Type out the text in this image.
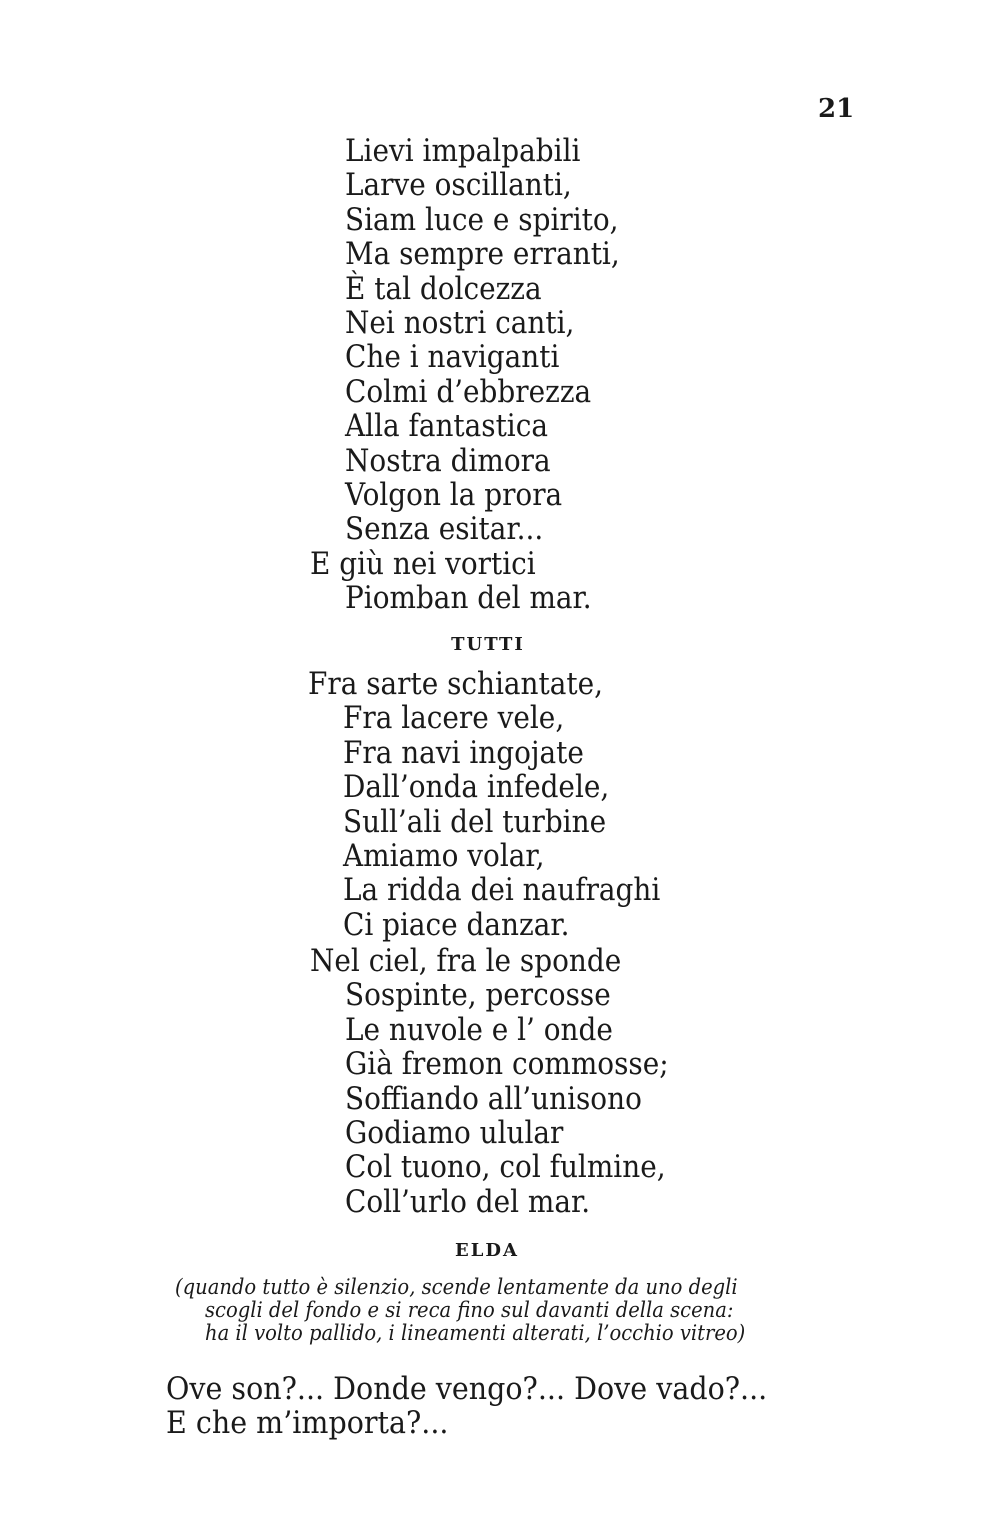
21
Lievi impalpabili
Larve oscillanti,
Siam luce e spirito,
Ma sempre erranti,
È tal dolcezza
Nei nostri canti,
Che i naviganti
Colmi d’ebbrezza
Alla fantastica
Nostra dimora
Volgon la prora
Senza esitar...
E giù nei vortici
Piomban del mar.
TUTTI
Fra sarte schiantate,
Fra lacere vele,
Fra navi ingojate
Dall’onda infedele,
Sull’ali del turbine
Amiamo volar,
La ridda dei naufraghi
Ci piace danzar.
Nel ciel, fra le sponde
Sospinte, percosse
Le nuvole e l’ onde
Già fremon commosse;
Soffiando all’unisono
Godiamo ulular
Col tuono, col fulmine,
Coll’urlo del mar.
ELDA
(quando tutto è silenzio, scende lentamente da uno degli
scogli del fondo e si reca fino sul davanti della scena:
ha il volto pallido, i lineamenti alterati, l’occhio vitreo)
Ove son?... Donde vengo?... Dove vado?...
E che m’importa?...
